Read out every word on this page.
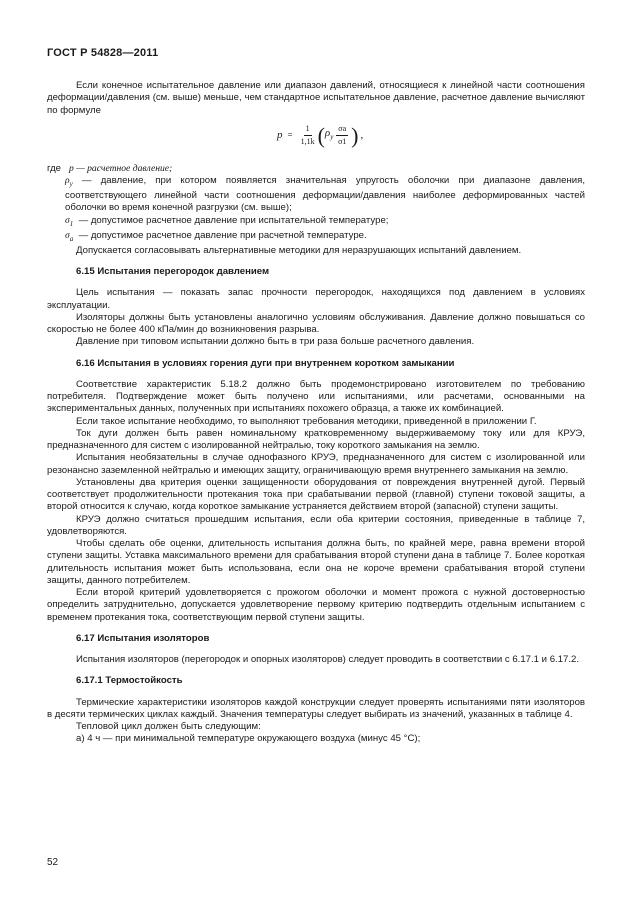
ГОСТ Р 54828—2011

Если конечное испытательное давление или диапазон давлений, относящиеся к линейной части соотношения деформации/давления (см. выше) меньше, чем стандартное испытательное давление, расчетное давление вычисляют по формуле

$p = \frac{1}{1,1k}$ ( $\rho_y \frac{\sigma a}{\sigma 1}$ ) ,

где p — расчетное давление;

$\rho_y$ — давление, при котором появляется значительная упругость оболочки при диапазоне давления, соответствующего линейной части соотношения деформации/давления наиболее деформированных частей оболочки во время конечной разгрузки (см. выше);

$\sigma_1$ — допустимое расчетное давление при испытательной температуре;

$\sigma_a$ — допустимое расчетное давление при расчетной температуре.

Допускается согласовывать альтернативные методики для неразрушающих испытаний давлением.

6.15 Испытания перегородок давлением

Цель испытания — показать запас прочности перегородок, находящихся под давлением в условиях эксплуатации.

Изоляторы должны быть установлены аналогично условиям обслуживания. Давление должно повышаться со скоростью не более 400 кПа/мин до возникновения разрыва.

Давление при типовом испытании должно быть в три раза больше расчетного давления.

6.16 Испытания в условиях горения дуги при внутреннем коротком замыкании

Соответствие характеристик 5.18.2 должно быть продемонстрировано изготовителем по требованию потребителя. Подтверждение может быть получено или испытаниями, или расчетами, основанными на экспериментальных данных, полученных при испытаниях похожего образца, а также их комбинацией.

Если такое испытание необходимо, то выполняют требования методики, приведенной в приложении Г.

Ток дуги должен быть равен номинальному кратковременному выдерживаемому току или для КРУЭ, предназначенного для систем с изолированной нейтралью, току короткого замыкания на землю.

Испытания необязательны в случае однофазного КРУЭ, предназначенного для систем с изолированной или резонансно заземленной нейтралью и имеющих защиту, ограничивающую время внутреннего замыкания на землю.

Установлены два критерия оценки защищенности оборудования от повреждения внутренней дугой. Первый соответствует продолжительности протекания тока при срабатывании первой (главной) ступени токовой защиты, а второй относится к случаю, когда короткое замыкание устраняется действием второй (запасной) ступени защиты.

КРУЭ должно считаться прошедшим испытания, если оба критерии состояния, приведенные в таблице 7, удовлетворяются.

Чтобы сделать обе оценки, длительность испытания должна быть, по крайней мере, равна времени второй ступени защиты. Уставка максимального времени для срабатывания второй ступени дана в таблице 7. Более короткая длительность испытания может быть использована, если она не короче времени срабатывания второй ступени защиты, данного потребителем.

Если второй критерий удовлетворяется с прожогом оболочки и момент прожога с нужной достоверностью определить затруднительно, допускается удовлетворение первому критерию подтвердить отдельным испытанием с временем протекания тока, соответствующим первой ступени защиты.

6.17 Испытания изоляторов

Испытания изоляторов (перегородок и опорных изоляторов) следует проводить в соответствии с 6.17.1 и 6.17.2.

6.17.1 Термостойкость

Термические характеристики изоляторов каждой конструкции следует проверять испытаниями пяти изоляторов в десяти термических циклах каждый. Значения температуры следует выбирать из значений, указанных в таблице 4.

Тепловой цикл должен быть следующим:

а) 4 ч — при минимальной температуре окружающего воздуха (минус 45 °С);

52
